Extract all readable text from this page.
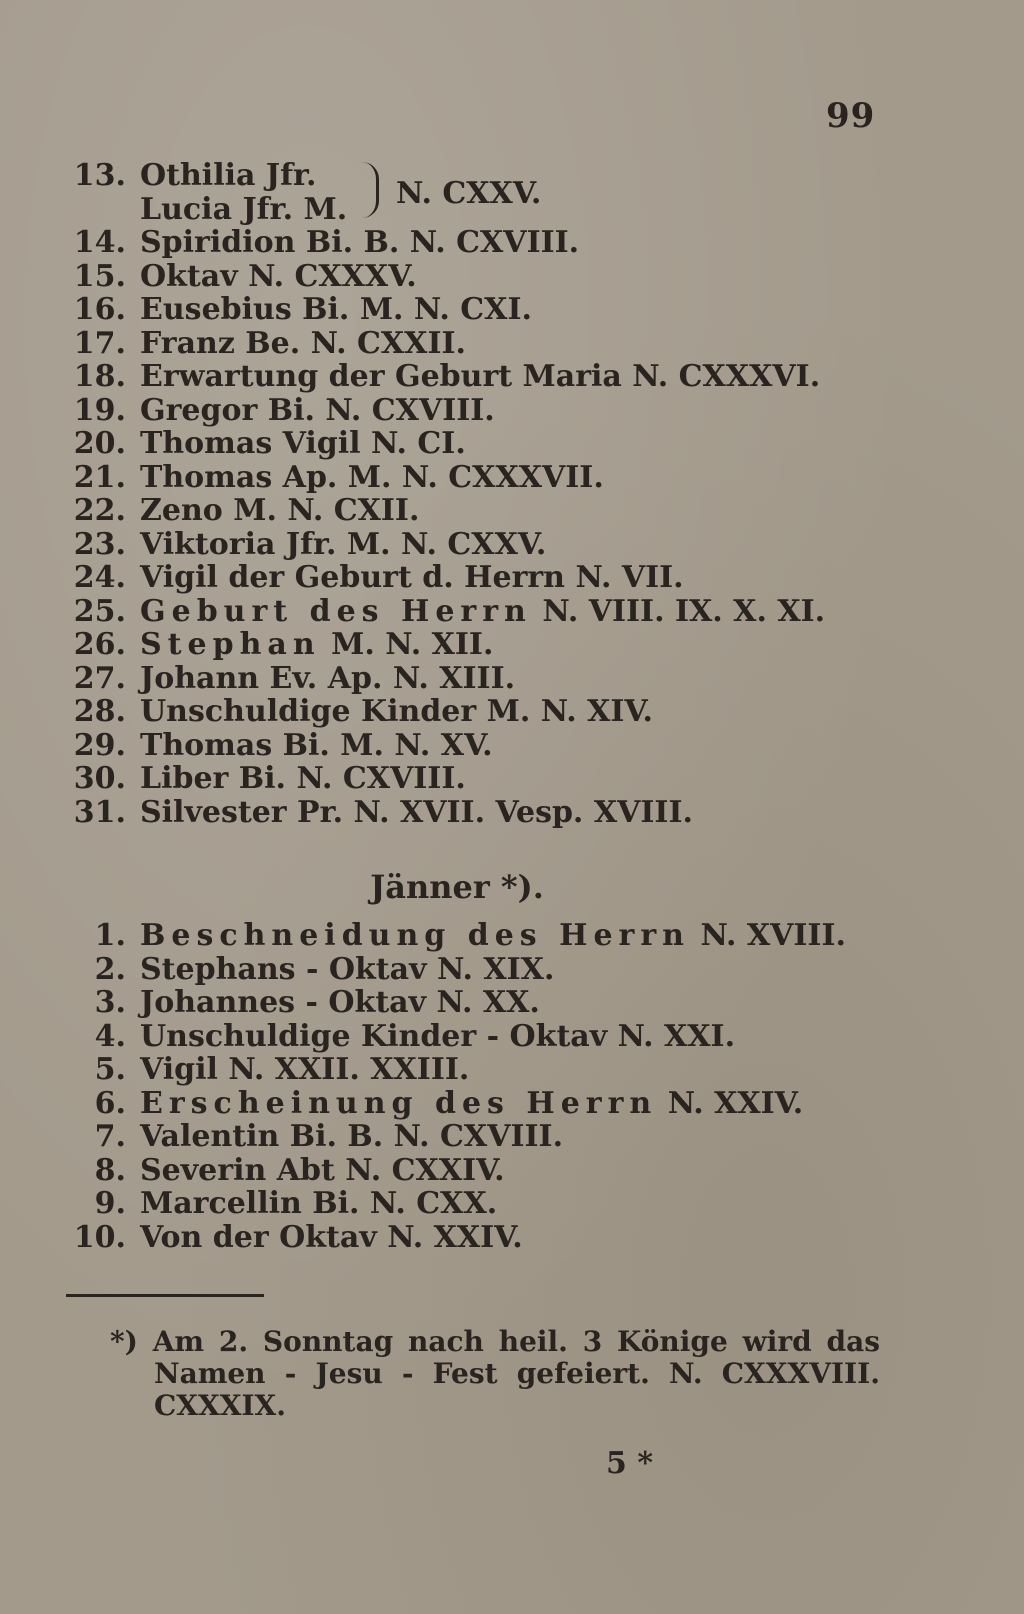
99
13. Othilia Jfr.
Lucia Jfr. M. N. CXXV.
14. Spiridion Bi. B. N. CXVIII.
15. Oktav N. CXXXV.
16. Eusebius Bi. M. N. CXI.
17. Franz Be. N. CXXII.
18. Erwartung der Geburt Maria N. CXXXVI.
19. Gregor Bi. N. CXVIII.
20. Thomas Vigil N. CI.
21. Thomas Ap. M. N. CXXXVII.
22. Zeno M. N. CXII.
23. Viktoria Jfr. M. N. CXXV.
24. Vigil der Geburt d. Herrn N. VII.
25. Geburt des Herrn
N. VIII. IX. X. XI.
26. Stephan
M. N. XII.
27. Johann Ev. Ap. N. XIII.
28. Unschuldige Kinder M. N. XIV.
29. Thomas Bi. M. N. XV.
30. Liber Bi. N. CXVIII.
31. Silvester Pr. N. XVII. Vesp. XVIII.
Jänner *).
1. Beschneidung des Herrn
N. XVIII.
2. Stephans - Oktav N. XIX.
3. Johannes - Oktav N. XX.
4. Unschuldige Kinder - Oktav N. XXI.
5. Vigil N. XXII. XXIII.
6. Erscheinung des Herrn
N. XXIV.
7. Valentin Bi. B. N. CXVIII.
8. Severin Abt N. CXXIV.
9. Marcellin Bi. N. CXX.
10. Von der Oktav N. XXIV.

*) Am 2. Sonntag nach heil. 3 Könige wird das

Namen - Jesu - Fest gefeiert. N. CXXXVIII.

CXXXIX.

5 *
